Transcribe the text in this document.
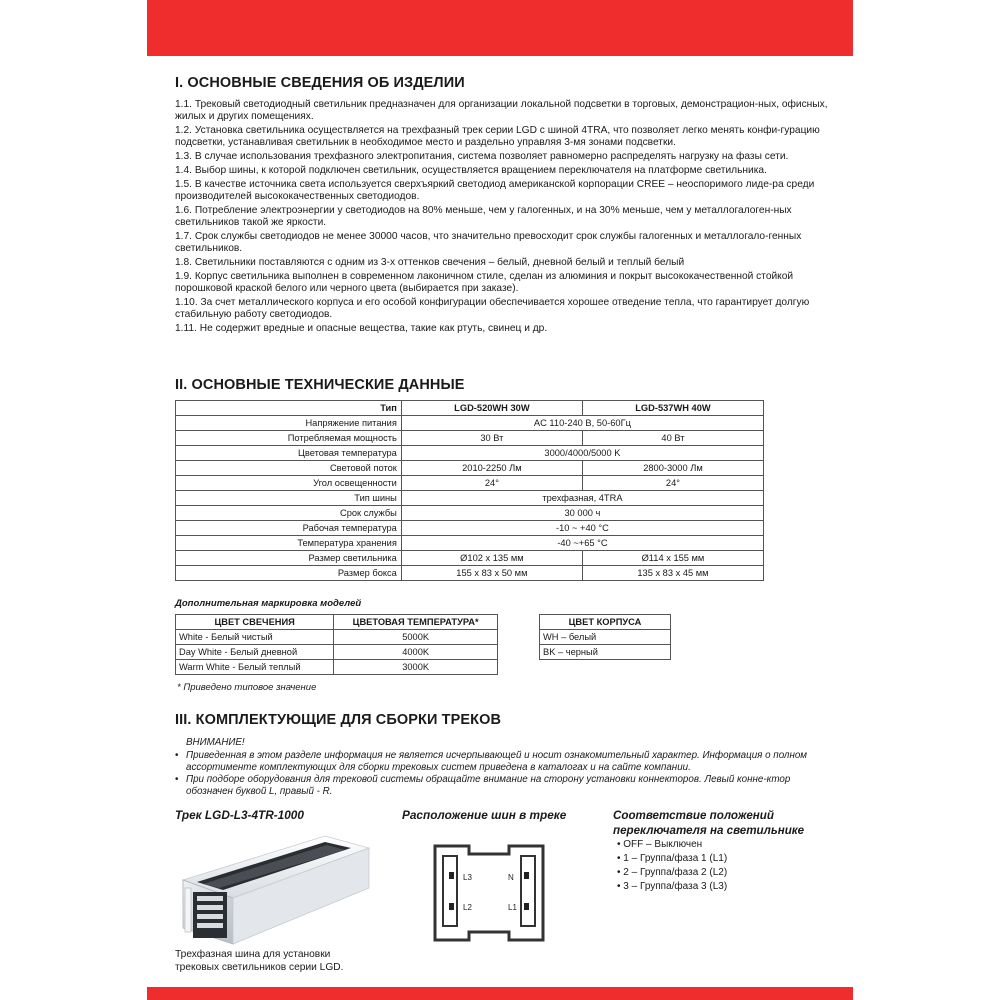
I. ОСНОВНЫЕ СВЕДЕНИЯ ОБ ИЗДЕЛИИ

1.1. Трековый светодиодный светильник предназначен для организации локальной подсветки в торговых, демонстрацион-ных, офисных, жилых и других помещениях.

1.2. Установка светильника осуществляется на трехфазный трек серии LGD с шиной 4TRA, что позволяет легко менять конфи-гурацию подсветки, устанавливая светильник в необходимое место и раздельно управляя 3-мя зонами подсветки.

1.3. В случае использования трехфазного электропитания, система позволяет равномерно распределять нагрузку на фазы сети.

1.4. Выбор шины, к которой подключен светильник, осуществляется вращением переключателя на платформе светильника.

1.5. В качестве источника света используется сверхъяркий светодиод американской корпорации CREE – неоспоримого лиде-ра среди производителей высококачественных светодиодов.

1.6. Потребление электроэнергии у светодиодов на 80% меньше, чем у галогенных, и на 30% меньше, чем у металлогалоген-ных светильников такой же яркости.

1.7. Срок службы светодиодов не менее 30000 часов, что значительно превосходит срок службы галогенных и металлогало-генных светильников.

1.8. Светильники поставляются с одним из 3-х оттенков свечения – белый, дневной белый и теплый белый

1.9. Корпус светильника выполнен в современном лаконичном стиле, сделан из алюминия и покрыт высококачественной стойкой порошковой краской белого или черного цвета (выбирается при заказе).

1.10. За счет металлического корпуса и его особой конфигурации обеспечивается хорошее отведение тепла, что гарантирует долгую стабильную работу светодиодов.

1.11. Не содержит вредные и опасные вещества, такие как ртуть, свинец и др.

II. ОСНОВНЫЕ ТЕХНИЧЕСКИЕ ДАННЫЕ
Тип	LGD-520WH 30W	LGD-537WH 40W
Напряжение питания	AC 110-240 В, 50-60Гц	
Потребляемая мощность	30 Вт	40 Вт
Цветовая температура	3000/4000/5000 K	
Световой поток	2010-2250 Лм	2800-3000 Лм
Угол освещенности	24°	24°
Тип шины	трехфазная, 4TRA	
Срок службы	30 000 ч	
Рабочая температура	-10 ~ +40 °C	
Температура хранения	-40 ~+65 °C	
Размер светильника	Ø102 x 135 мм	Ø114 x 155 мм
Размер бокса	155 x 83 x 50 мм	135 x 83 x 45 мм
Дополнительная маркировка моделей
ЦВЕТ СВЕЧЕНИЯ	ЦВЕТОВАЯ ТЕМПЕРАТУРА*
White - Белый чистый	5000K
Day White - Белый дневной	4000K
Warm White - Белый теплый	3000K
ЦВЕТ КОРПУСА
WH – белый
BK – черный
* Приведено типовое значение
III. КОМПЛЕКТУЮЩИЕ ДЛЯ СБОРКИ ТРЕКОВ
ВНИМАНИЕ!

• Приведенная в этом разделе информация не является исчерпывающей и носит ознакомительный характер. Информация о полном ассортименте комплектующих для сборки трековых систем приведена в каталогах и на сайте компании.

• При подборе оборудования для трековой системы обращайте внимание на сторону установки коннекторов. Левый конне-ктор обозначен буквой L, правый - R.

Трек LGD-L3-4TR-1000
Трехфазная шина для установки
трековых светильников серии LGD.
Расположение шин в треке
L3	N
L2	L1
Соответствие положений
переключателя на светильнике
• OFF – Выключен
• 1 – Группа/фаза 1 (L1)
• 2 – Группа/фаза 2 (L2)
• 3 – Группа/фаза 3 (L3)
